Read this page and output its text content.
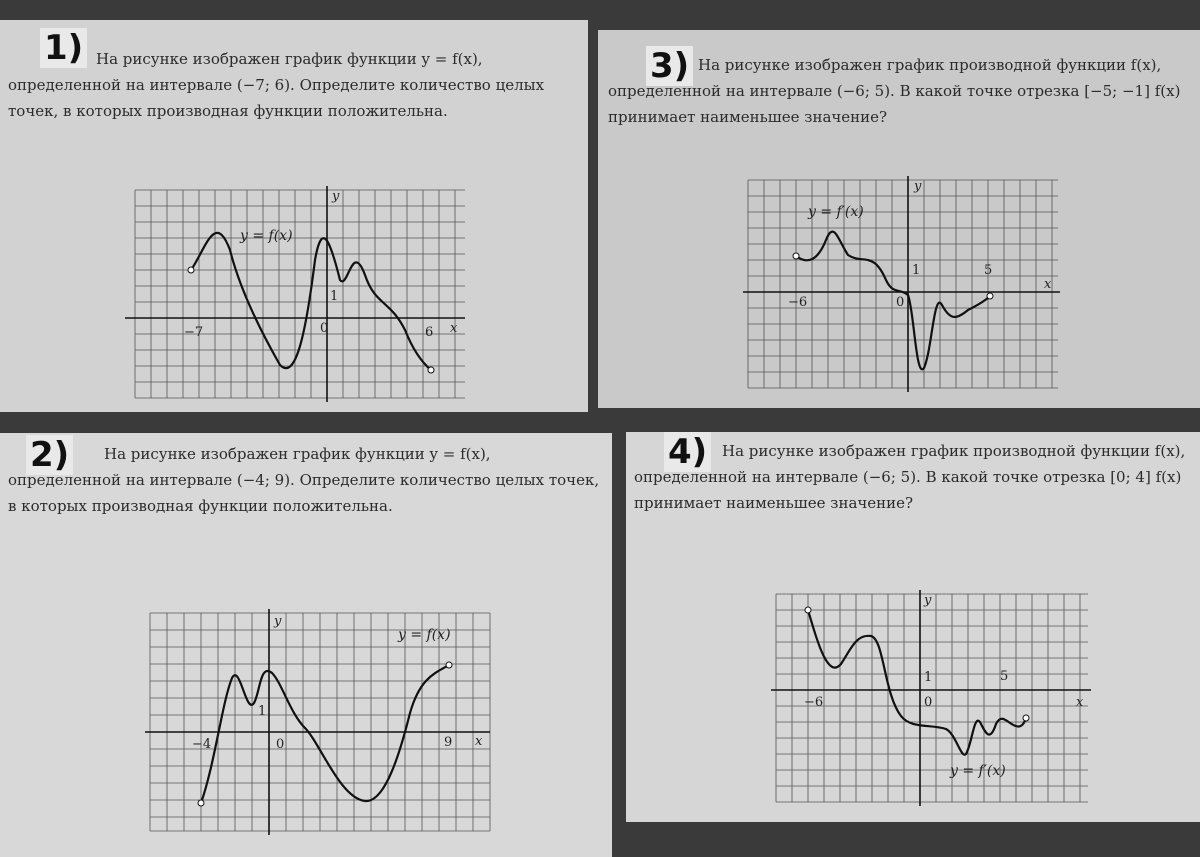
1) На рисунке изображен график функции y = f(x), определенной на интервале (−7; 6). Определите количество целых точек, в которых производная функции положительна.
y = f(x)
−7	6
0
1
y
x
3) На рисунке изображен график производной функции f(x), определенной на интервале (−6; 5). В какой точке отрезка [−5; −1] f(x) принимает наименьшее значение?
y = f′(x)
−6
5
0
1
y
x
2)	На рисунке изображен график функции y = f(x), определенной на интервале (−4; 9). Определите количество целых точек, в которых производная функции положительна.
y = f(x)
−4	9
0
1
y
x
4) На рисунке изображен график производной функции f(x), определенной на интервале (−6; 5). В какой точке отрезка [0; 4] f(x) принимает наименьшее значение?
y = f′(x)
−6
5
0
1
y
x
